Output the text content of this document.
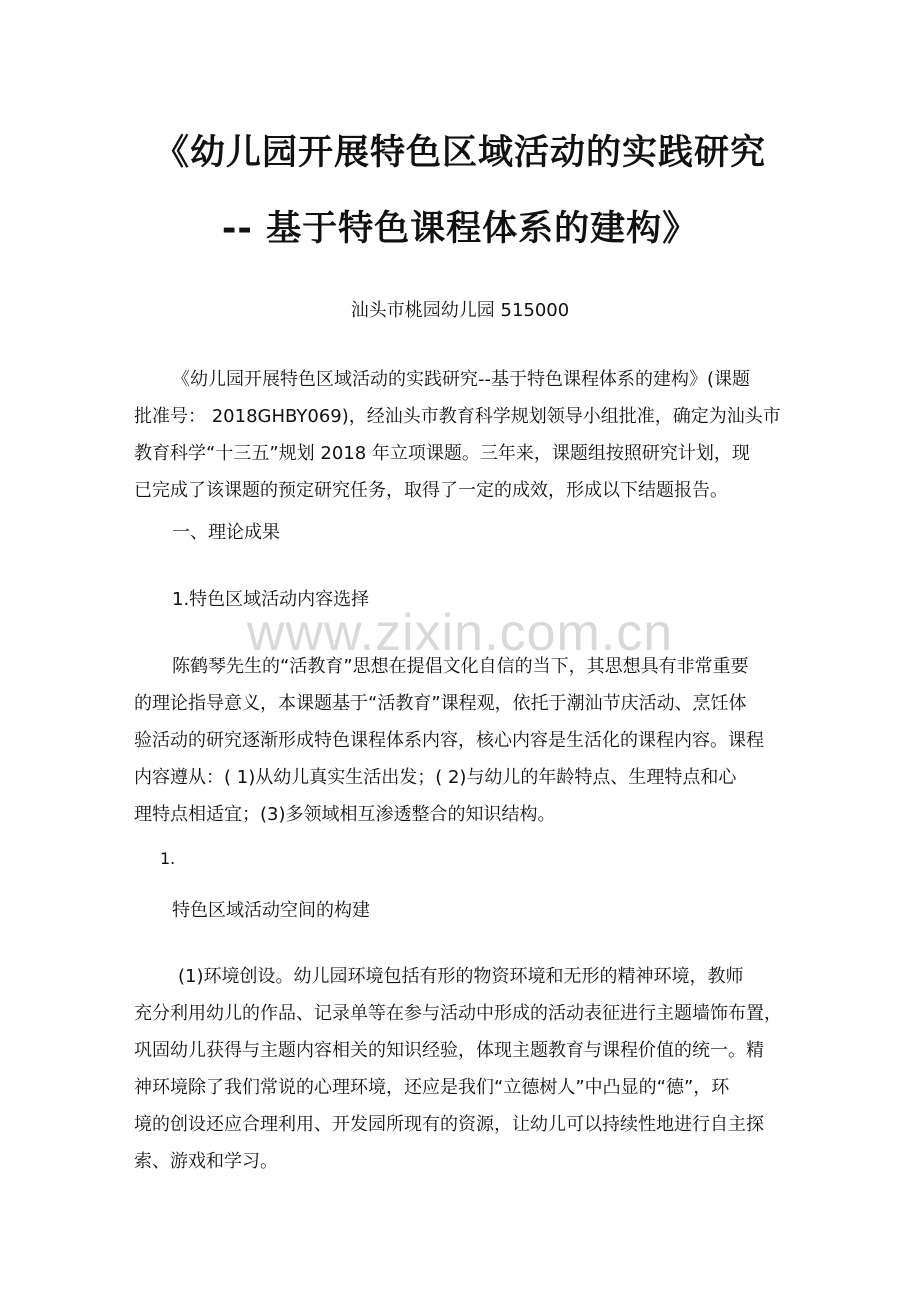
《幼儿园开展特色区域活动的实践研究
-- 基于特色课程体系的建构》
汕头市桃园幼儿园 515000
《幼儿园开展特色区域活动的实践研究--基于特色课程体系的建构》(课题
批准号： 2018GHBY069)，经汕头市教育科学规划领导小组批准，确定为汕头市
教育科学“十三五”规划 2018 年立项课题。三年来，课题组按照研究计划，现
已完成了该课题的预定研究任务，取得了一定的成效，形成以下结题报告。
一、理论成果
1.特色区域活动内容选择
www.zixin.com.cn
陈鹤琴先生的“活教育”思想在提倡文化自信的当下，其思想具有非常重要
的理论指导意义，本课题基于“活教育”课程观，依托于潮汕节庆活动、烹饪体
验活动的研究逐渐形成特色课程体系内容，核心内容是生活化的课程内容。课程
内容遵从：( 1)从幼儿真实生活出发；( 2)与幼儿的年龄特点、生理特点和心
理特点相适宜；(3)多领域相互渗透整合的知识结构。
1.
特色区域活动空间的构建
(1)环境创设。幼儿园环境包括有形的物资环境和无形的精神环境，教师
充分利用幼儿的作品、记录单等在参与活动中形成的活动表征进行主题墙饰布置，
巩固幼儿获得与主题内容相关的知识经验，体现主题教育与课程价值的统一。精
神环境除了我们常说的心理环境，还应是我们“立德树人”中凸显的“德”，环
境的创设还应合理利用、开发园所现有的资源，让幼儿可以持续性地进行自主探
索、游戏和学习。
